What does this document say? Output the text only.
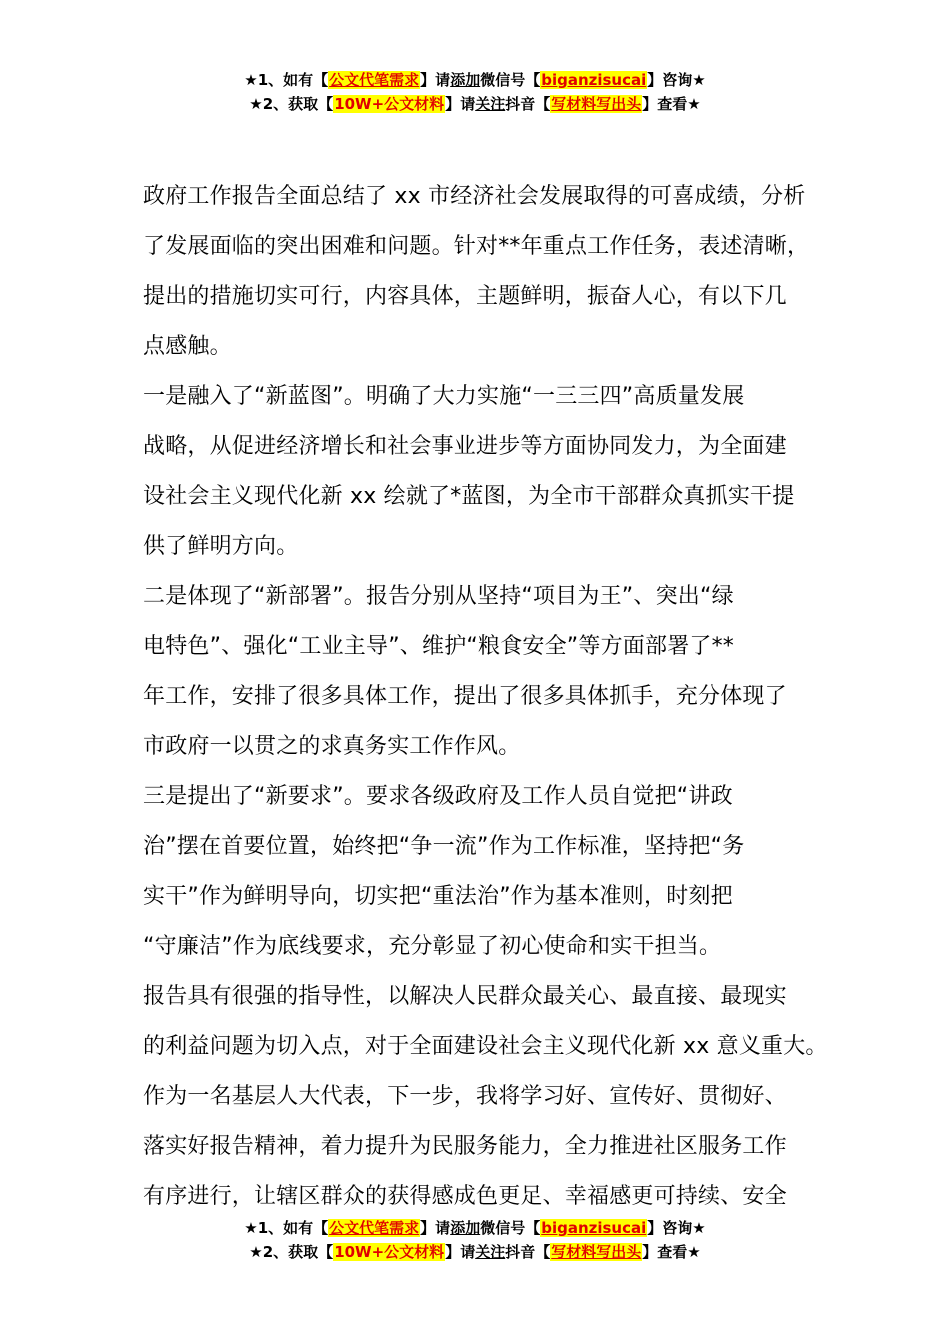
★1、如有【公文代笔需求】请添加微信号【biganzisucai】咨询★
★2、获取【10W+公文材料】请关注抖音【写材料写出头】查看★

政府工作报告全面总结了 xx 市经济社会发展取得的可喜成绩，分析

了发展面临的突出困难和问题。针对**年重点工作任务，表述清晰，

提出的措施切实可行，内容具体，主题鲜明，振奋人心，有以下几

点感触。

一是融入了“新蓝图”。明确了大力实施“一三三四”高质量发展

战略，从促进经济增长和社会事业进步等方面协同发力，为全面建

设社会主义现代化新 xx 绘就了*蓝图，为全市干部群众真抓实干提

供了鲜明方向。

二是体现了“新部署”。报告分别从坚持“项目为王”、突出“绿

电特色”、强化“工业主导”、维护“粮食安全”等方面部署了**

年工作，安排了很多具体工作，提出了很多具体抓手，充分体现了

市政府一以贯之的求真务实工作作风。

三是提出了“新要求”。要求各级政府及工作人员自觉把“讲政

治”摆在首要位置，始终把“争一流”作为工作标准，坚持把“务

实干”作为鲜明导向，切实把“重法治”作为基本准则，时刻把

“守廉洁”作为底线要求，充分彰显了初心使命和实干担当。

报告具有很强的指导性，以解决人民群众最关心、最直接、最现实

的利益问题为切入点，对于全面建设社会主义现代化新 xx 意义重大。

作为一名基层人大代表，下一步，我将学习好、宣传好、贯彻好、

落实好报告精神，着力提升为民服务能力，全力推进社区服务工作

有序进行，让辖区群众的获得感成色更足、幸福感更可持续、安全

★1、如有【公文代笔需求】请添加微信号【biganzisucai】咨询★
★2、获取【10W+公文材料】请关注抖音【写材料写出头】查看★
